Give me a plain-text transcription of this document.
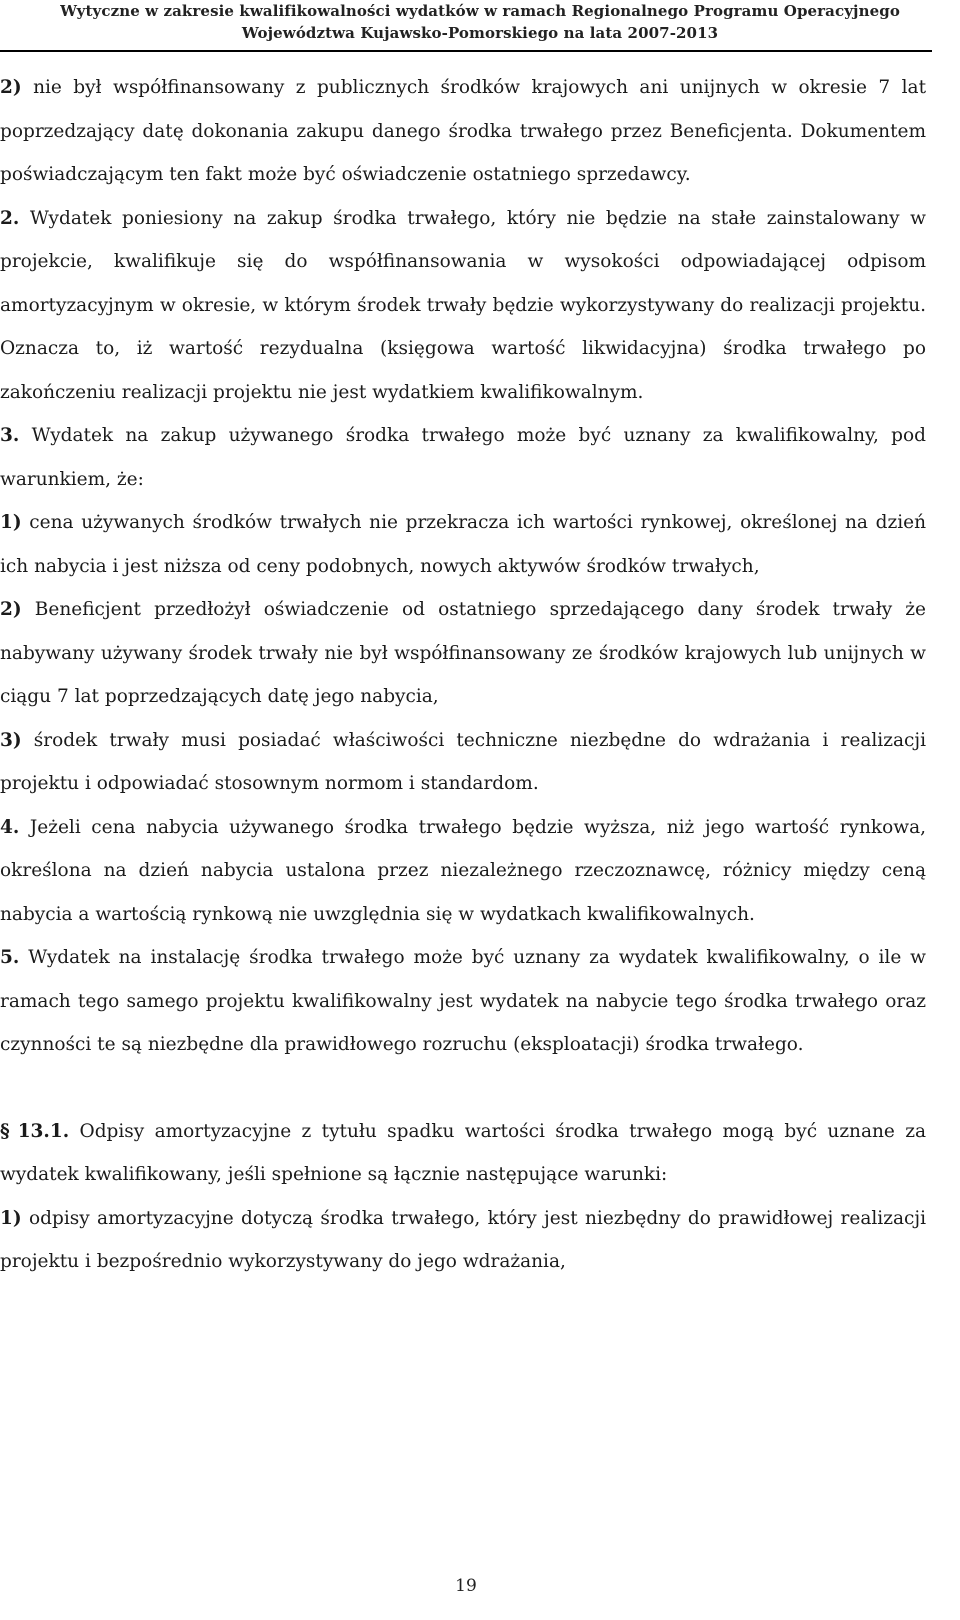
Wytyczne w zakresie kwalifikowalności wydatków w ramach Regionalnego Programu Operacyjnego
Województwa Kujawsko-Pomorskiego na lata 2007-2013

2) nie był współfinansowany z publicznych środków krajowych ani unijnych w okresie 7 lat poprzedzający datę dokonania zakupu danego środka trwałego przez Beneficjenta. Dokumentem poświadczającym ten fakt może być oświadczenie ostatniego sprzedawcy.

2. Wydatek poniesiony na zakup środka trwałego, który nie będzie na stałe zainstalowany w projekcie, kwalifikuje się do współfinansowania w wysokości odpowiadającej odpisom amortyzacyjnym w okresie, w którym środek trwały będzie wykorzystywany do realizacji projektu. Oznacza to, iż wartość rezydualna (księgowa wartość likwidacyjna) środka trwałego po zakończeniu realizacji projektu nie jest wydatkiem kwalifikowalnym.

3. Wydatek na zakup używanego środka trwałego może być uznany za kwalifikowalny, pod warunkiem, że:

1) cena używanych środków trwałych nie przekracza ich wartości rynkowej, określonej na dzień ich nabycia i jest niższa od ceny podobnych, nowych aktywów środków trwałych,

2) Beneficjent przedłożył oświadczenie od ostatniego sprzedającego dany środek trwały że nabywany używany środek trwały nie był współfinansowany ze środków krajowych lub unijnych w ciągu 7 lat poprzedzających datę jego nabycia,

3) środek trwały musi posiadać właściwości techniczne niezbędne do wdrażania i realizacji projektu i odpowiadać stosownym normom i standardom.

4. Jeżeli cena nabycia używanego środka trwałego będzie wyższa, niż jego wartość rynkowa, określona na dzień nabycia ustalona przez niezależnego rzeczoznawcę, różnicy między ceną nabycia a wartością rynkową nie uwzględnia się w wydatkach kwalifikowalnych.

5. Wydatek na instalację środka trwałego może być uznany za wydatek kwalifikowalny, o ile w ramach tego samego projektu kwalifikowalny jest wydatek na nabycie tego środka trwałego oraz czynności te są niezbędne dla prawidłowego rozruchu (eksploatacji) środka trwałego.

§ 13.1. Odpisy amortyzacyjne z tytułu spadku wartości środka trwałego mogą być uznane za wydatek kwalifikowany, jeśli spełnione są łącznie następujące warunki:

1) odpisy amortyzacyjne dotyczą środka trwałego, który jest niezbędny do prawidłowej realizacji projektu i bezpośrednio wykorzystywany do jego wdrażania,

19
